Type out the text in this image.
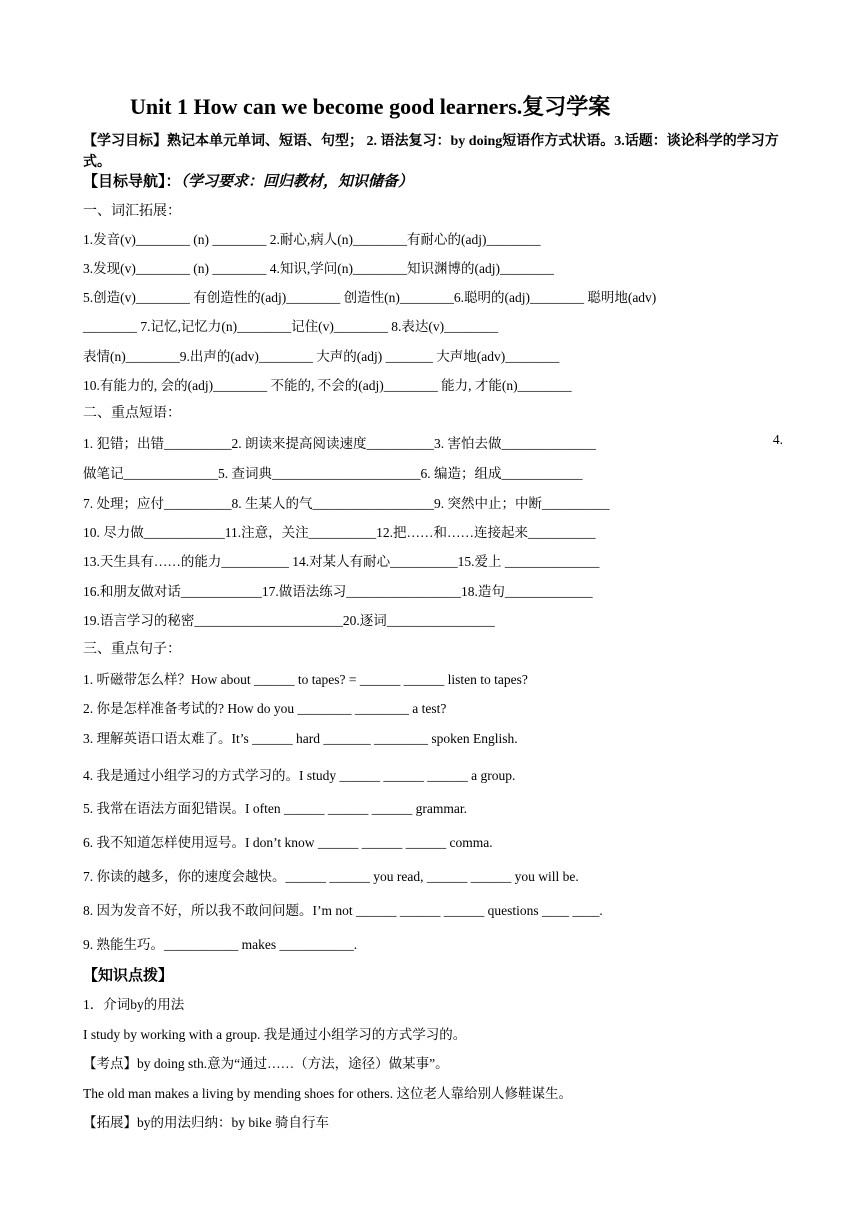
Unit 1 How can we become good learners.复习学案
【学习目标】熟记本单元单词、短语、句型； 2. 语法复习：by doing短语作方式状语。3.话题：谈论科学的学习方式。
【目标导航】：（学习要求：回归教材，知识储备）
一、词汇拓展：
1.发音(v)________ (n) ________ 2.耐心,病人(n)________有耐心的(adj)________
3.发现(v)________ (n) ________ 4.知识,学问(n)________知识渊博的(adj)________
5.创造(v)________ 有创造性的(adj)________ 创造性(n)________6.聪明的(adj)________ 聪明地(adv)
________ 7.记忆,记忆力(n)________记住(v)________ 8.表达(v)________
表情(n)________9.出声的(adv)________ 大声的(adj) _______ 大声地(adv)________
10.有能力的, 会的(adj)________ 不能的, 不会的(adj)________ 能力, 才能(n)________
二、重点短语：
1. 犯错；出错__________2. 朗读来提高阅读速度__________3. 害怕去做______________	4.
做笔记______________5. 查词典______________________6. 编造；组成____________
7. 处理；应付__________8. 生某人的气__________________9. 突然中止；中断__________
10. 尽力做____________11.注意，关注__________12.把……和……连接起来__________
13.天生具有……的能力__________ 14.对某人有耐心__________15.爱上 ______________
16.和朋友做对话____________17.做语法练习_________________18.造句_____________
19.语言学习的秘密______________________20.逐词________________
三、重点句子：
1. 听磁带怎么样？How about ______ to tapes? = ______ ______ listen to tapes?
2. 你是怎样准备考试的? How do you ________ ________ a test?
3. 理解英语口语太难了。It’s ______ hard _______ ________ spoken English.
4. 我是通过小组学习的方式学习的。I study ______ ______ ______ a group.
5. 我常在语法方面犯错误。I often ______ ______ ______ grammar.
6. 我不知道怎样使用逗号。I don’t know ______ ______ ______ comma.
7. 你读的越多，你的速度会越快。______ ______ you read, ______ ______ you will be.
8. 因为发音不好，所以我不敢问问题。I’m not ______ ______ ______ questions ____ ____.
9. 熟能生巧。___________ makes ___________.
【知识点拨】
1．介词by的用法
I study by working with a group. 我是通过小组学习的方式学习的。
【考点】by doing sth.意为“通过……（方法，途径）做某事”。
The old man makes a living by mending shoes for others. 这位老人靠给别人修鞋谋生。
【拓展】by的用法归纳：by bike 骑自行车
